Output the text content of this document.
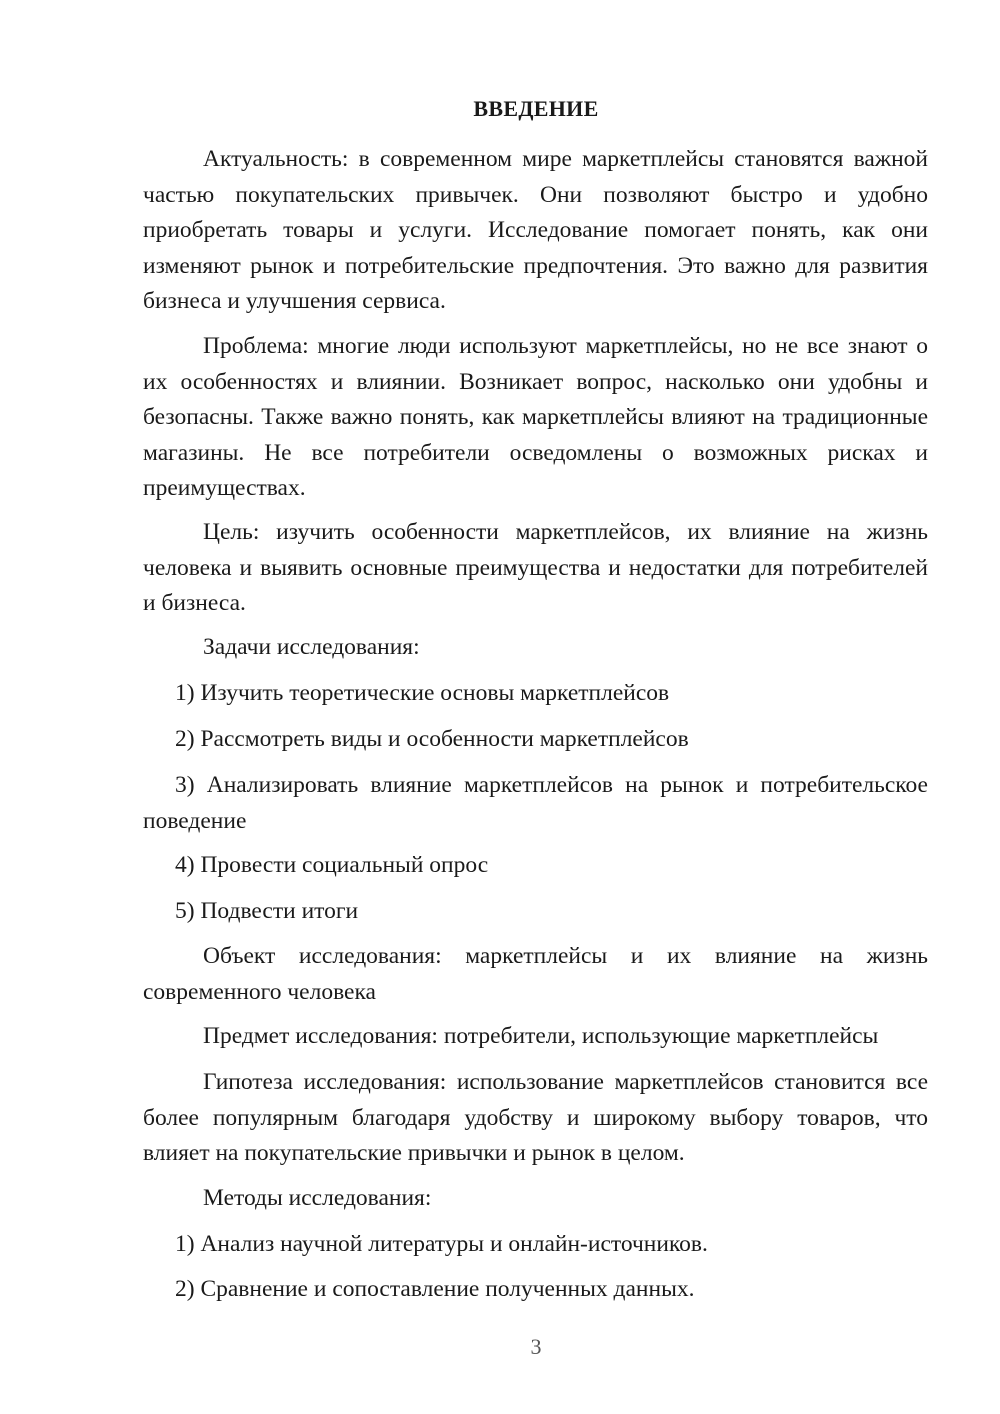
ВВЕДЕНИЕ

Актуальность: в современном мире маркетплейсы становятся важной частью покупательских привычек. Они позволяют быстро и удобно приобретать товары и услуги. Исследование помогает понять, как они изменяют рынок и потребительские предпочтения. Это важно для развития бизнеса и улучшения сервиса.

Проблема: многие люди используют маркетплейсы, но не все знают о их особенностях и влиянии. Возникает вопрос, насколько они удобны и безопасны. Также важно понять, как маркетплейсы влияют на традиционные магазины. Не все потребители осведомлены о возможных рисках и преимуществах.

Цель: изучить особенности маркетплейсов, их влияние на жизнь человека и выявить основные преимущества и недостатки для потребителей и бизнеса.

Задачи исследования:

1) Изучить теоретические основы маркетплейсов

2) Рассмотреть виды и особенности маркетплейсов

3) Анализировать влияние маркетплейсов на рынок и потребительское поведение

4) Провести социальный опрос

5) Подвести итоги

Объект исследования: маркетплейсы и их влияние на жизнь современного человека

Предмет исследования: потребители, использующие маркетплейсы

Гипотеза исследования: использование маркетплейсов становится все более популярным благодаря удобству и широкому выбору товаров, что влияет на покупательские привычки и рынок в целом.

Методы исследования:

1) Анализ научной литературы и онлайн-источников.

2) Сравнение и сопоставление полученных данных.

3
